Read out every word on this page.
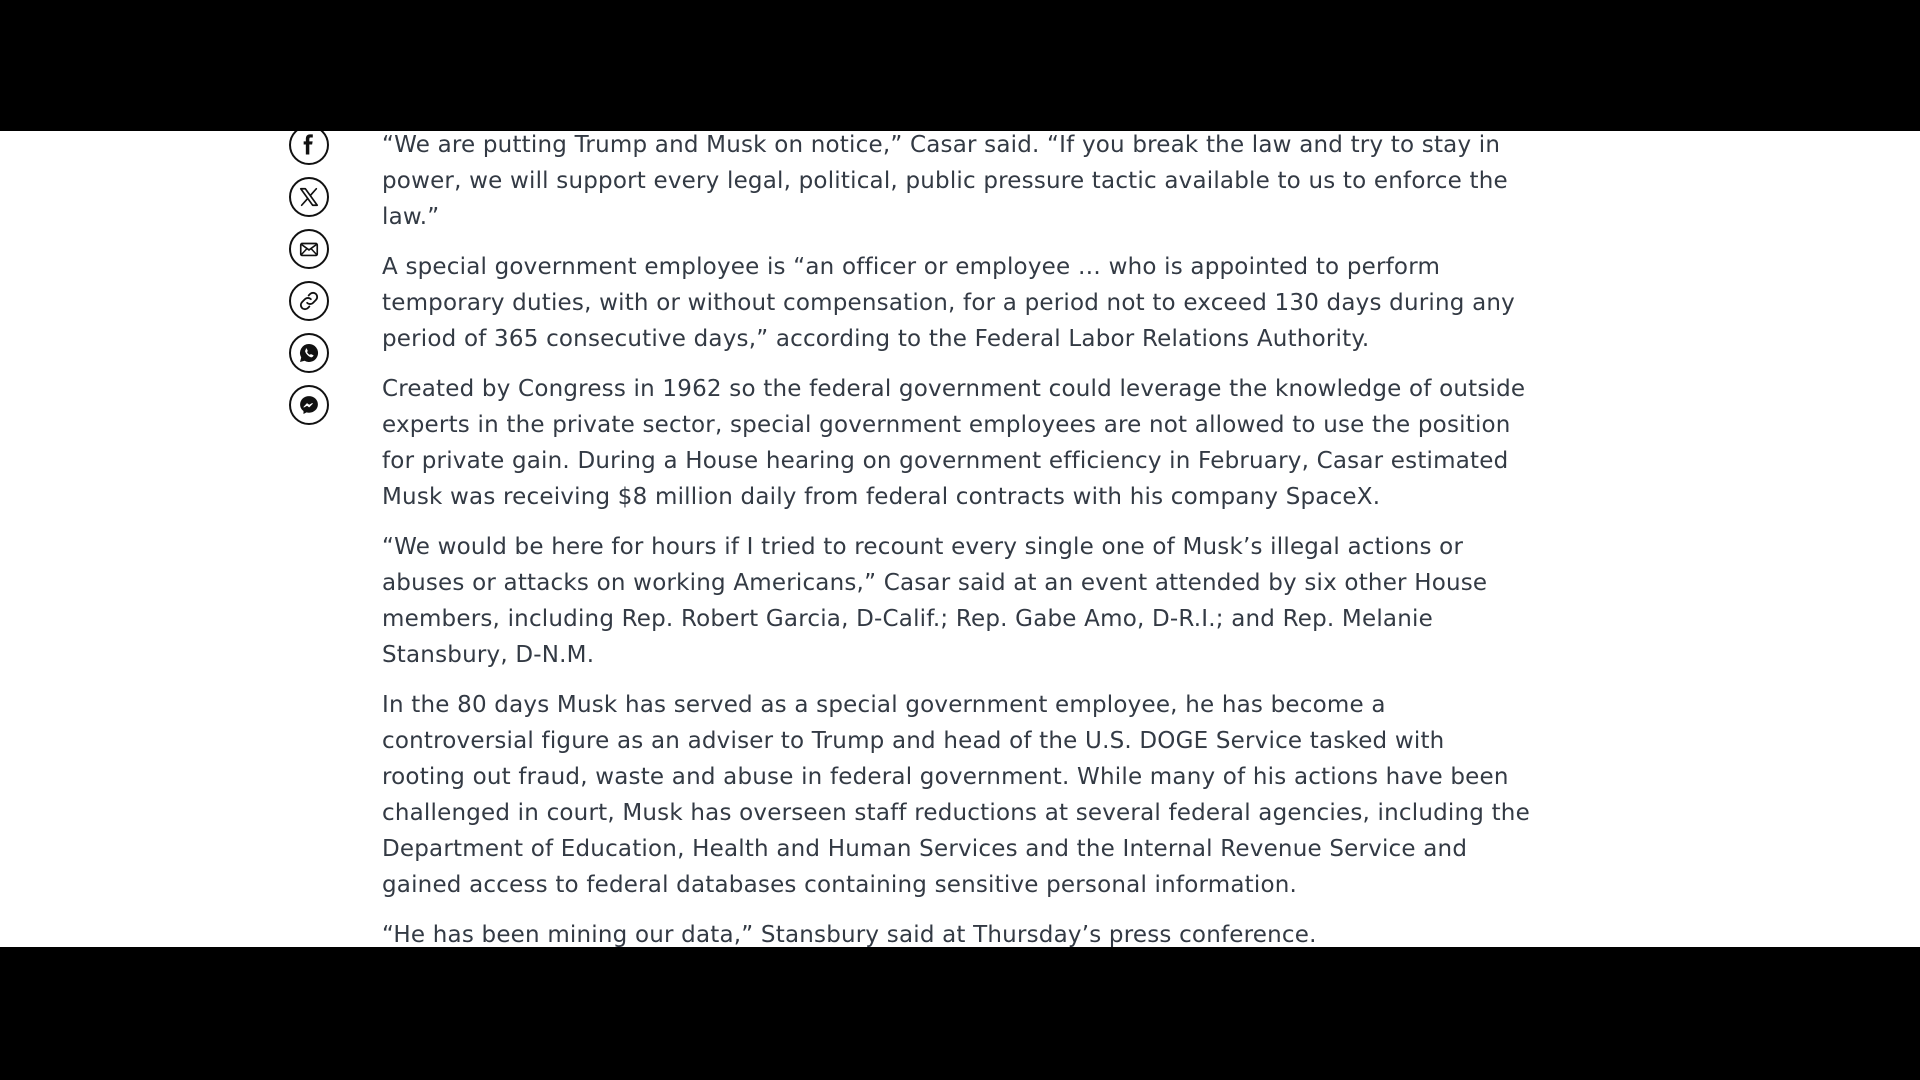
“We are putting Trump and Musk on notice,” Casar said. “If you break the law and try to stay in power, we will support every legal, political, public pressure tactic available to us to enforce the law.”

A special government employee is “an officer or employee … who is appointed to perform temporary duties, with or without compensation, for a period not to exceed 130 days during any period of 365 consecutive days,” according to the Federal Labor Relations Authority.

Created by Congress in 1962 so the federal government could leverage the knowledge of outside experts in the private sector, special government employees are not allowed to use the position for private gain. During a House hearing on government efficiency in February, Casar estimated Musk was receiving $8 million daily from federal contracts with his company SpaceX.

“We would be here for hours if I tried to recount every single one of Musk’s illegal actions or abuses or attacks on working Americans,” Casar said at an event attended by six other House members, including Rep. Robert Garcia, D-Calif.; Rep. Gabe Amo, D-R.I.; and Rep. Melanie Stansbury, D-N.M.

In the 80 days Musk has served as a special government employee, he has become a controversial figure as an adviser to Trump and head of the U.S. DOGE Service tasked with rooting out fraud, waste and abuse in federal government. While many of his actions have been challenged in court, Musk has overseen staff reductions at several federal agencies, including the Department of Education, Health and Human Services and the Internal Revenue Service and gained access to federal databases containing sensitive personal information.

“He has been mining our data,” Stansbury said at Thursday’s press conference.
